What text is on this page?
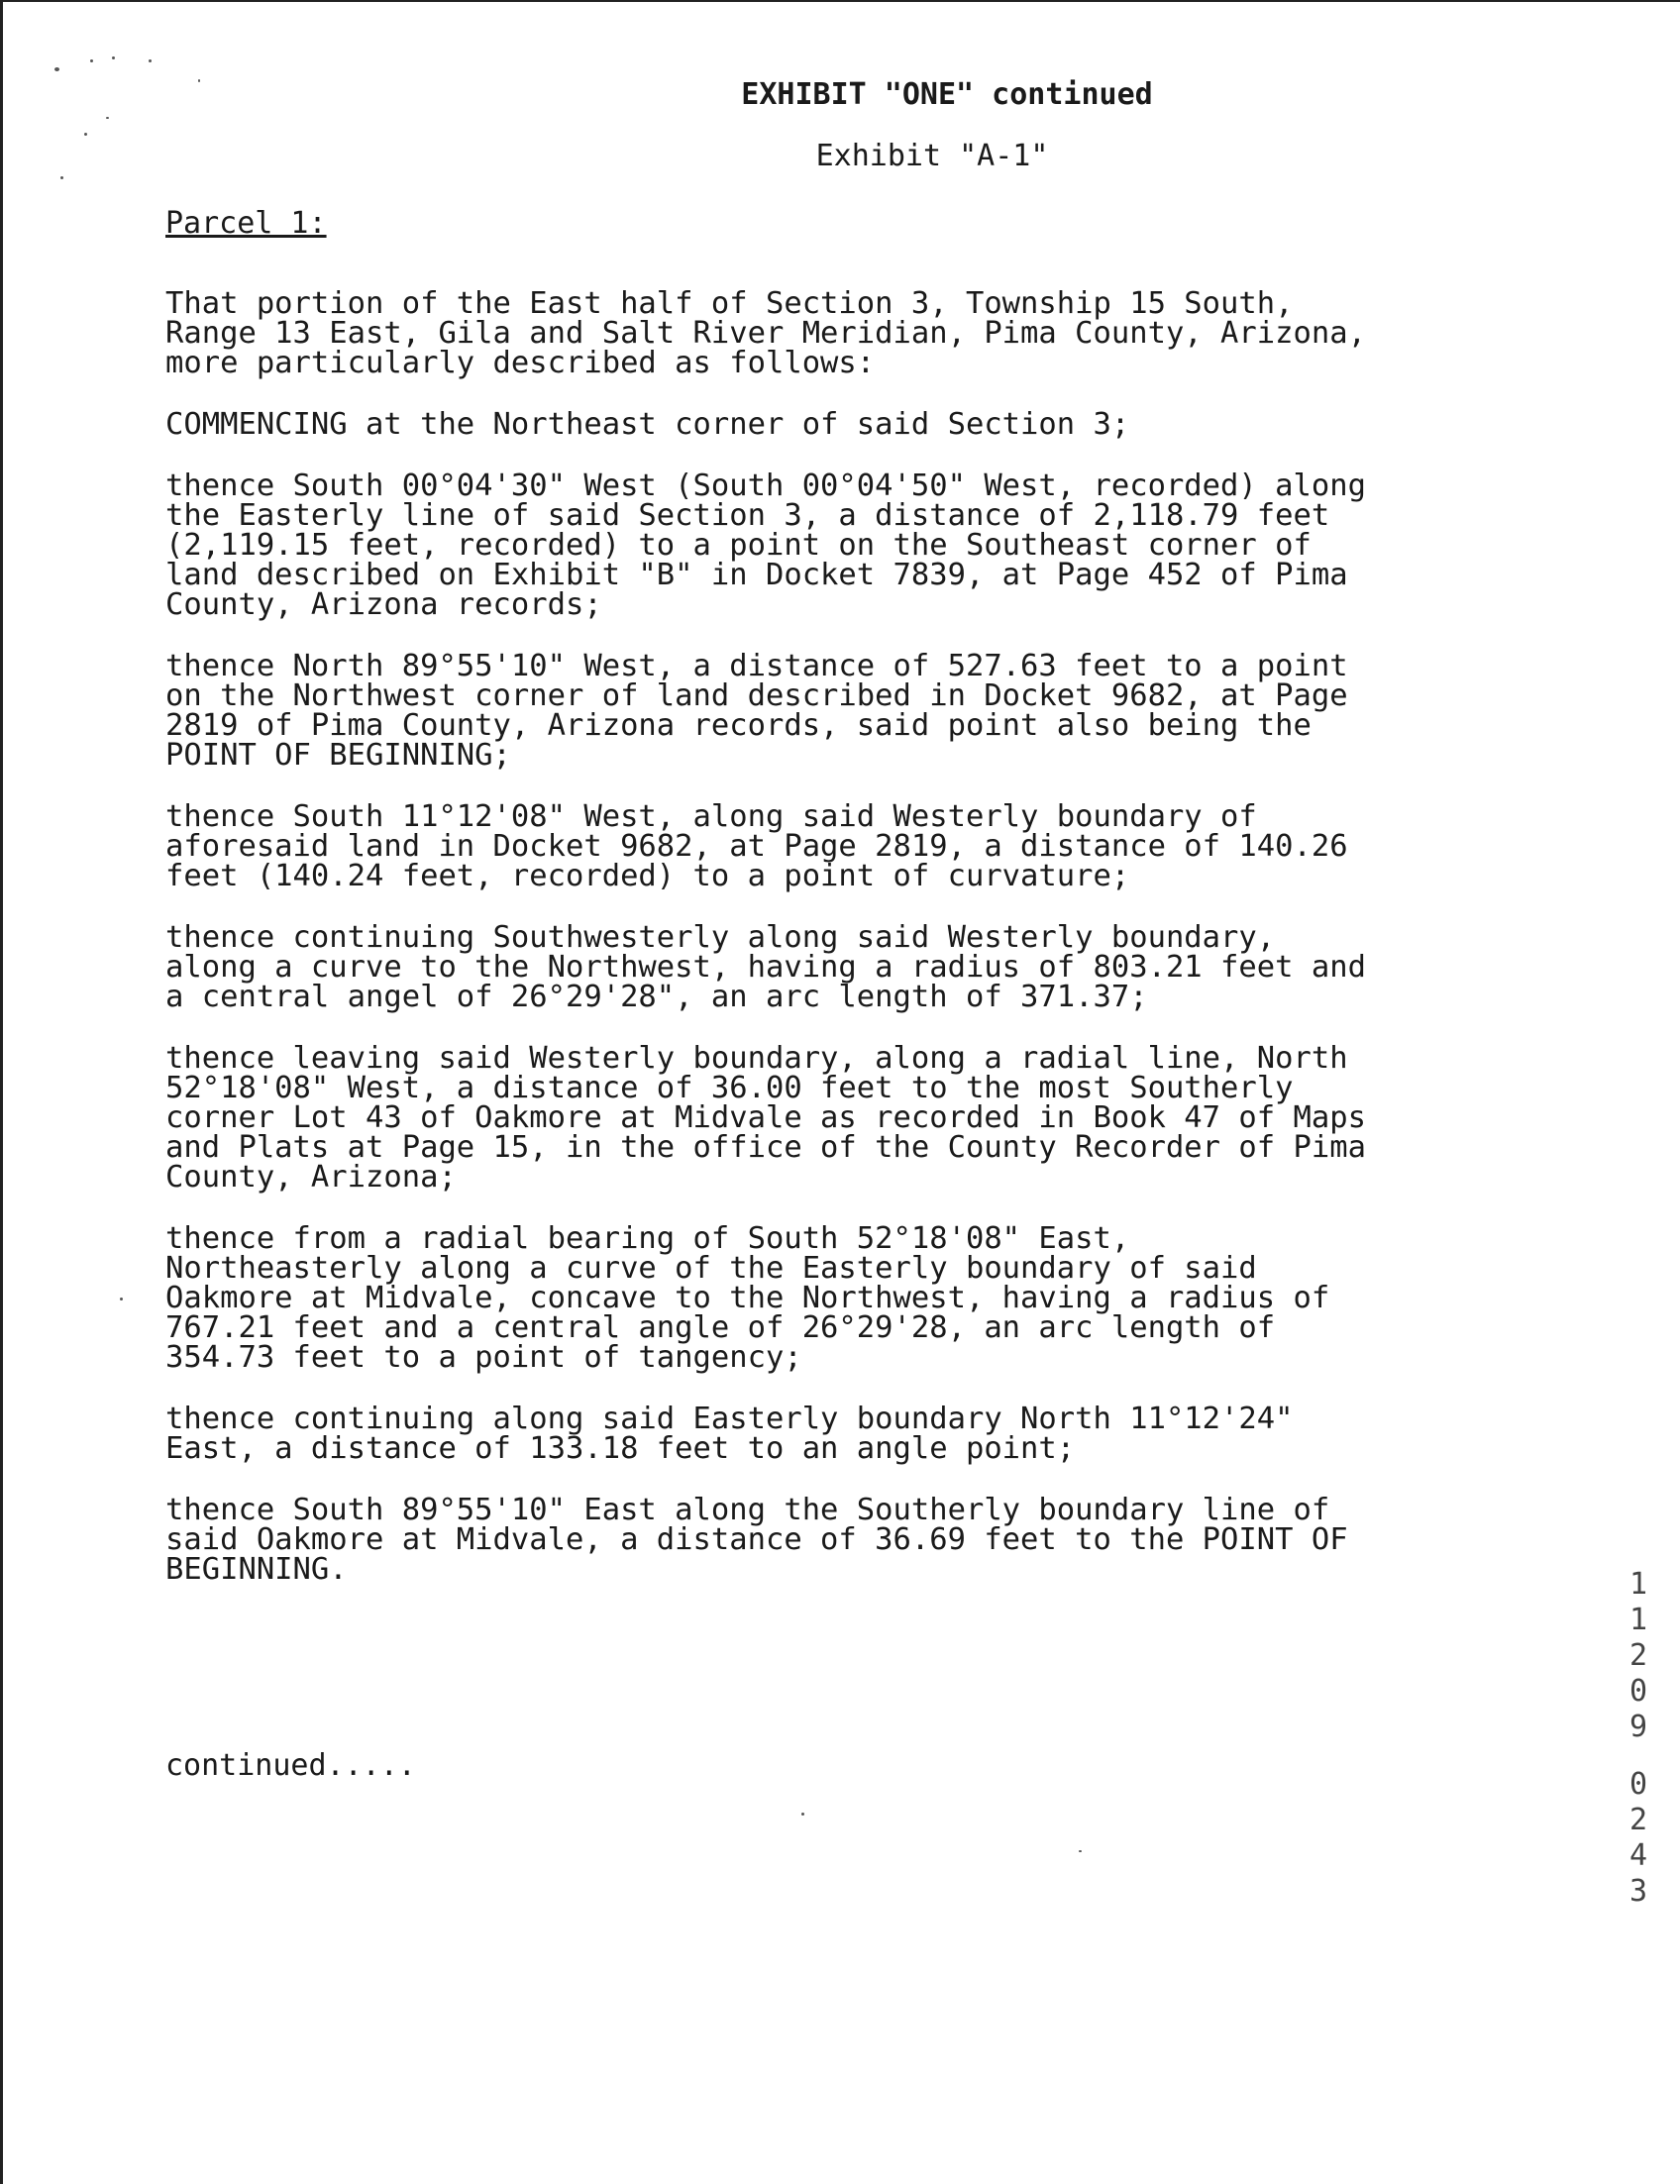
EXHIBIT "ONE" continued
Exhibit "A-1"
Parcel 1:

That portion of the East half of Section 3, Township 15 South,
Range 13 East, Gila and Salt River Meridian, Pima County, Arizona,
more particularly described as follows:

COMMENCING at the Northeast corner of said Section 3;

thence South 00°04'30" West (South 00°04'50" West, recorded) along
the Easterly line of said Section 3, a distance of 2,118.79 feet
(2,119.15 feet, recorded) to a point on the Southeast corner of
land described on Exhibit "B" in Docket 7839, at Page 452 of Pima
County, Arizona records;

thence North 89°55'10" West, a distance of 527.63 feet to a point
on the Northwest corner of land described in Docket 9682, at Page
2819 of Pima County, Arizona records, said point also being the
POINT OF BEGINNING;

thence South 11°12'08" West, along said Westerly boundary of
aforesaid land in Docket 9682, at Page 2819, a distance of 140.26
feet (140.24 feet, recorded) to a point of curvature;

thence continuing Southwesterly along said Westerly boundary,
along a curve to the Northwest, having a radius of 803.21 feet and
a central angel of 26°29'28", an arc length of 371.37;

thence leaving said Westerly boundary, along a radial line, North
52°18'08" West, a distance of 36.00 feet to the most Southerly
corner Lot 43 of Oakmore at Midvale as recorded in Book 47 of Maps
and Plats at Page 15, in the office of the County Recorder of Pima
County, Arizona;

thence from a radial bearing of South 52°18'08" East,
Northeasterly along a curve of the Easterly boundary of said
Oakmore at Midvale, concave to the Northwest, having a radius of
767.21 feet and a central angle of 26°29'28, an arc length of
354.73 feet to a point of tangency;

thence continuing along said Easterly boundary North 11°12'24"
East, a distance of 133.18 feet to an angle point;

thence South 89°55'10" East along the Southerly boundary line of
said Oakmore at Midvale, a distance of 36.69 feet to the POINT OF
BEGINNING.

continued.....
11209
0243
